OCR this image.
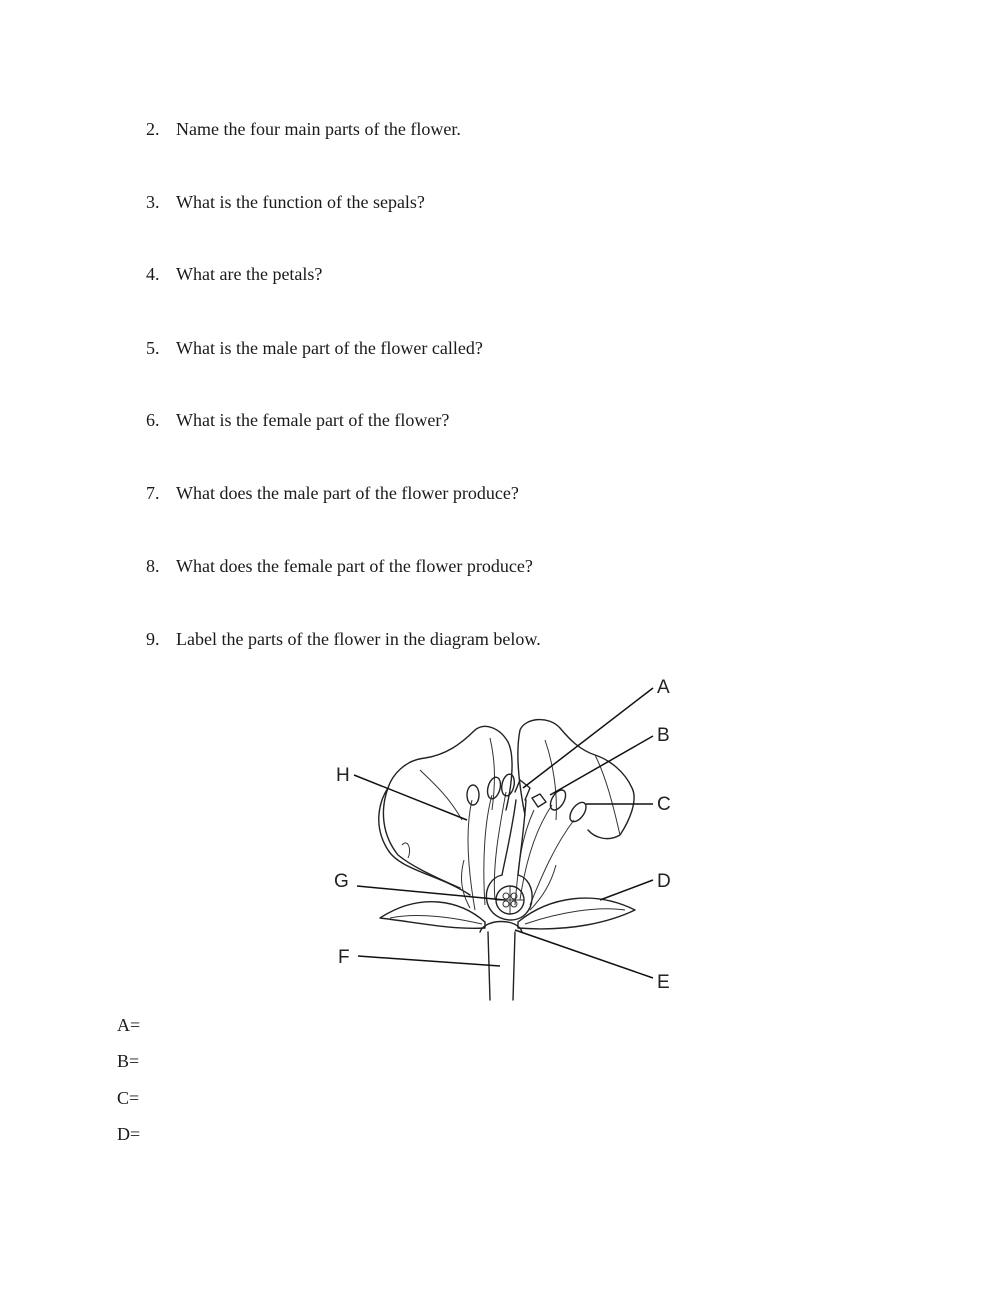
2. Name the four main parts of the flower.
3. What is the function of the sepals?
4. What are the petals?
5. What is the male part of the flower called?
6. What is the female part of the flower?
7. What does the male part of the flower produce?
8. What does the female part of the flower produce?
9. Label the parts of the flower in the diagram below.
A
B
C
D
E
F
G
H
A=
B=
C=
D=
